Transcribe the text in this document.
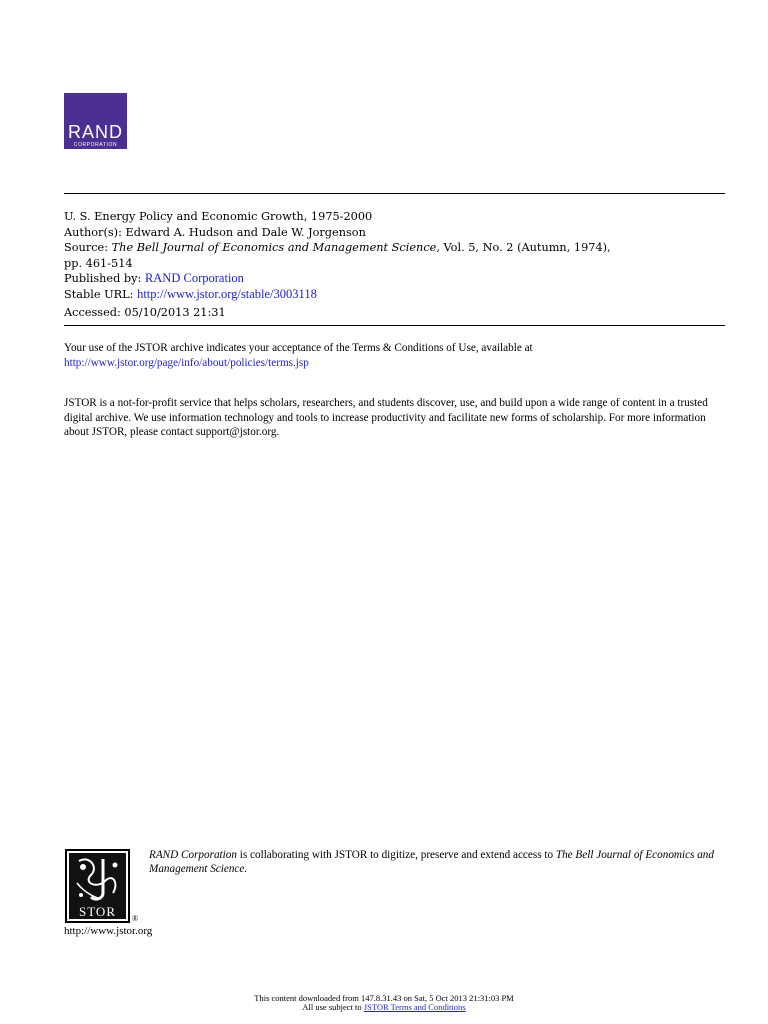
RAND
CORPORATION
U. S. Energy Policy and Economic Growth, 1975-2000
Author(s): Edward A. Hudson and Dale W. Jorgenson
Source: The Bell Journal of Economics and Management Science, Vol. 5, No. 2 (Autumn, 1974),
pp. 461-514
Published by: RAND Corporation
Stable URL: http://www.jstor.org/stable/3003118
Accessed: 05/10/2013 21:31
Your use of the JSTOR archive indicates your acceptance of the Terms & Conditions of Use, available at
http://www.jstor.org/page/info/about/policies/terms.jsp
JSTOR is a not-for-profit service that helps scholars, researchers, and students discover, use, and build upon a wide range of content in a trusted digital archive. We use information technology and tools to increase productivity and facilitate new forms of scholarship. For more information about JSTOR, please contact support@jstor.org.
STOR	®
RAND Corporation is collaborating with JSTOR to digitize, preserve and extend access to The Bell Journal of Economics and Management Science.
http://www.jstor.org
This content downloaded from 147.8.31.43 on Sat, 5 Oct 2013 21:31:03 PM
All use subject to JSTOR Terms and Conditions
